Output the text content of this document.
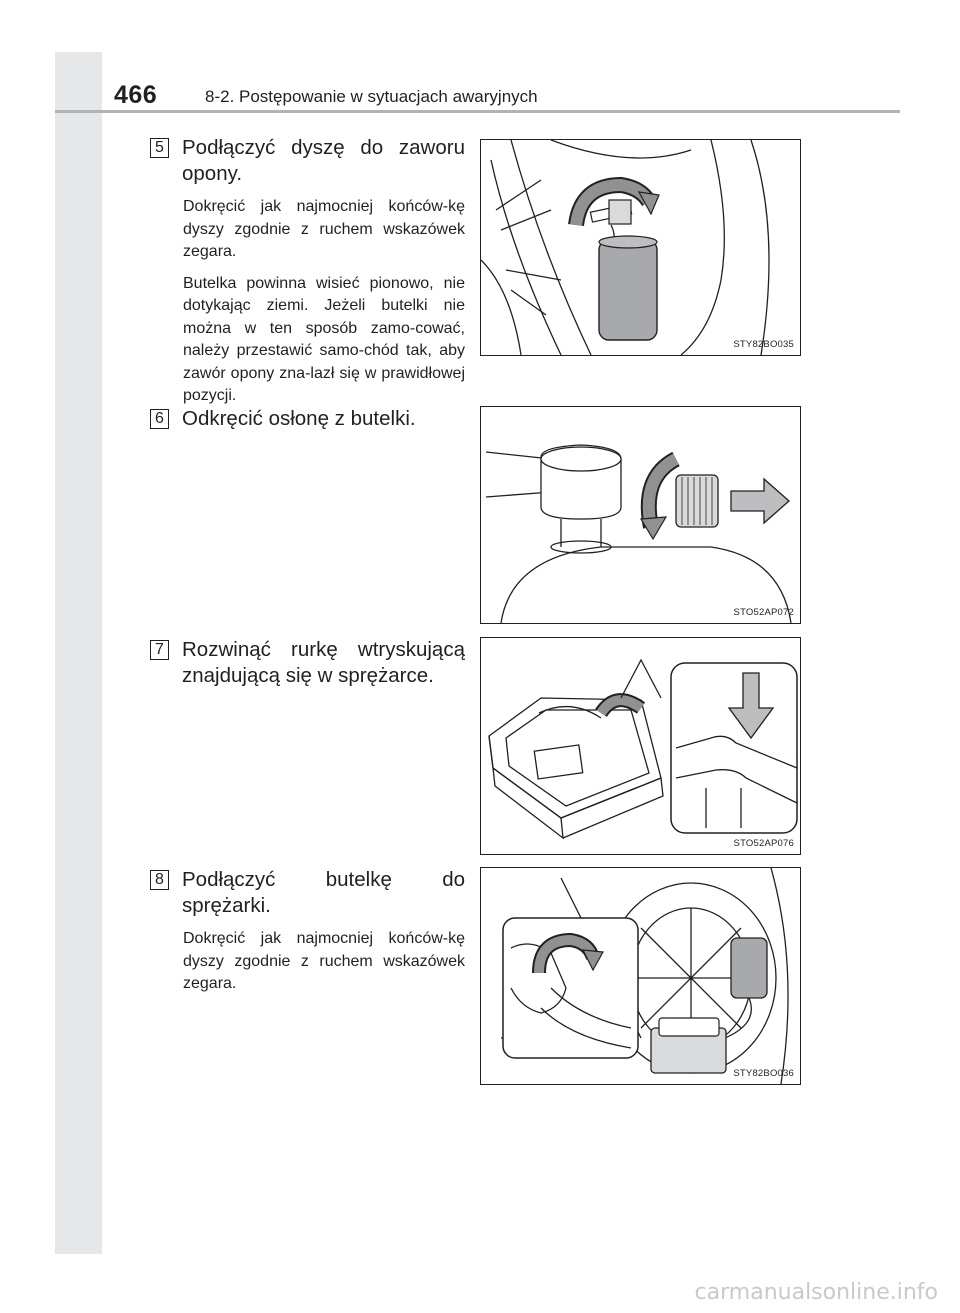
466	8-2. Postępowanie w sytuacjach awaryjnych
5 Podłączyć dyszę do zaworu opony.

Dokręcić jak najmocniej końców-kę dyszy zgodnie z ruchem wskazówek zegara.

Butelka powinna wisieć pionowo, nie dotykając ziemi. Jeżeli butelki nie można w ten sposób zamo-cować, należy przestawić samo-chód tak, aby zawór opony zna-lazł się w prawidłowej pozycji.

STY82BO035
6 Odkręcić osłonę z butelki.
STO52AP072
7 Rozwinąć rurkę wtryskującą znajdującą się w sprężarce.
STO52AP076
8 Podłączyć butelkę do sprężarki.

Dokręcić jak najmocniej końców-kę dyszy zgodnie z ruchem wskazówek zegara.

STY82BO036
carmanualsonline.info
